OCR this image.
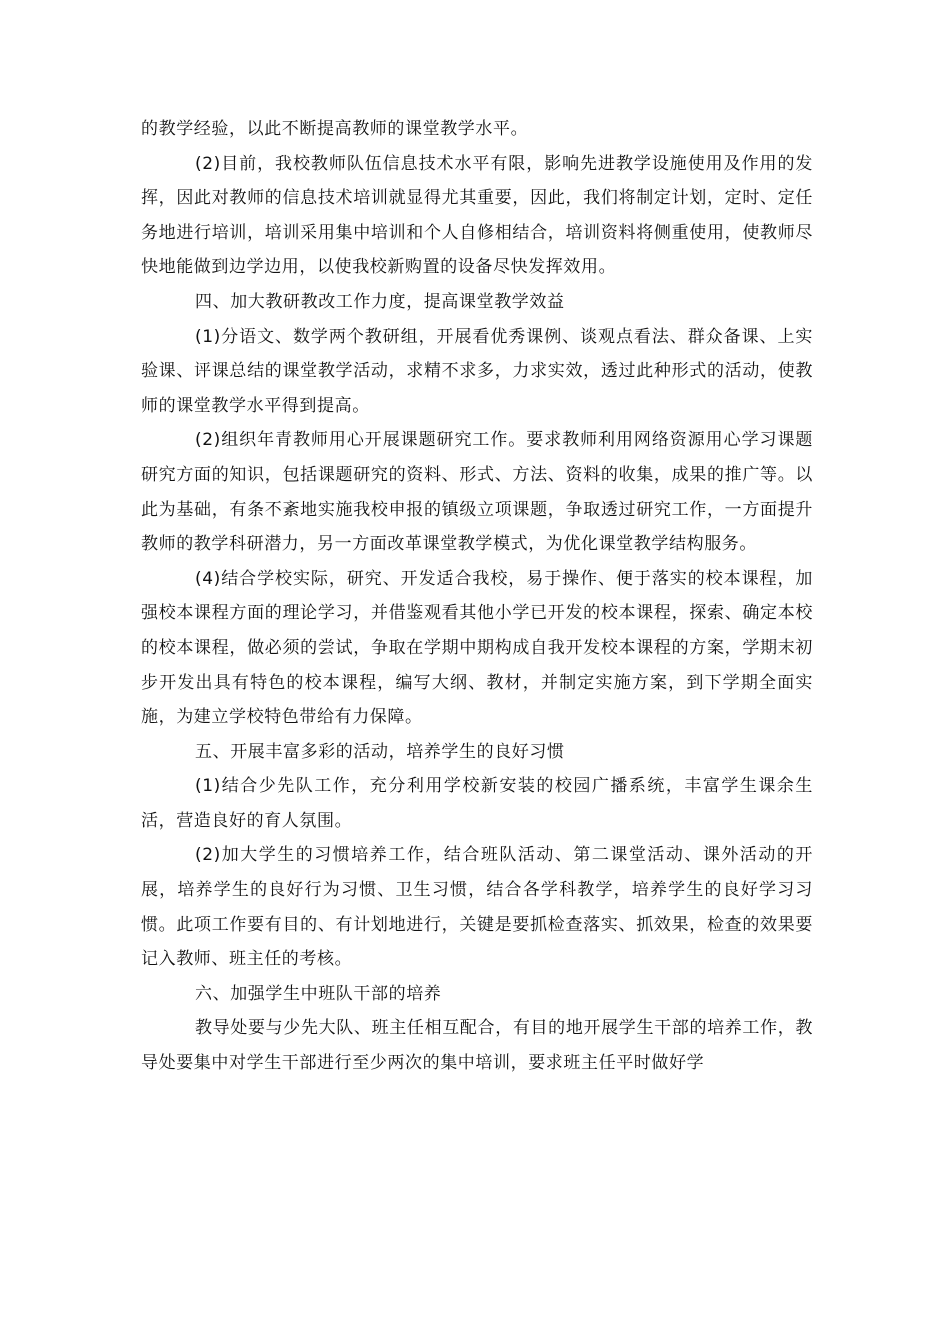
的教学经验，以此不断提高教师的课堂教学水平。

(2)目前，我校教师队伍信息技术水平有限，影响先进教学设施使用及作用的发挥，因此对教师的信息技术培训就显得尤其重要，因此，我们将制定计划，定时、定任务地进行培训，培训采用集中培训和个人自修相结合，培训资料将侧重使用，使教师尽快地能做到边学边用，以使我校新购置的设备尽快发挥效用。

四、加大教研教改工作力度，提高课堂教学效益

(1)分语文、数学两个教研组，开展看优秀课例、谈观点看法、群众备课、上实验课、评课总结的课堂教学活动，求精不求多，力求实效，透过此种形式的活动，使教师的课堂教学水平得到提高。

(2)组织年青教师用心开展课题研究工作。要求教师利用网络资源用心学习课题研究方面的知识，包括课题研究的资料、形式、方法、资料的收集，成果的推广等。以此为基础，有条不紊地实施我校申报的镇级立项课题，争取透过研究工作，一方面提升教师的教学科研潜力，另一方面改革课堂教学模式，为优化课堂教学结构服务。

(4)结合学校实际，研究、开发适合我校，易于操作、便于落实的校本课程，加强校本课程方面的理论学习，并借鉴观看其他小学已开发的校本课程，探索、确定本校的校本课程，做必须的尝试，争取在学期中期构成自我开发校本课程的方案，学期末初步开发出具有特色的校本课程，编写大纲、教材，并制定实施方案，到下学期全面实施，为建立学校特色带给有力保障。

五、开展丰富多彩的活动，培养学生的良好习惯

(1)结合少先队工作，充分利用学校新安装的校园广播系统，丰富学生课余生活，营造良好的育人氛围。

(2)加大学生的习惯培养工作，结合班队活动、第二课堂活动、课外活动的开展，培养学生的良好行为习惯、卫生习惯，结合各学科教学，培养学生的良好学习习惯。此项工作要有目的、有计划地进行，关键是要抓检查落实、抓效果，检查的效果要记入教师、班主任的考核。

六、加强学生中班队干部的培养

教导处要与少先大队、班主任相互配合，有目的地开展学生干部的培养工作，教导处要集中对学生干部进行至少两次的集中培训，要求班主任平时做好学
